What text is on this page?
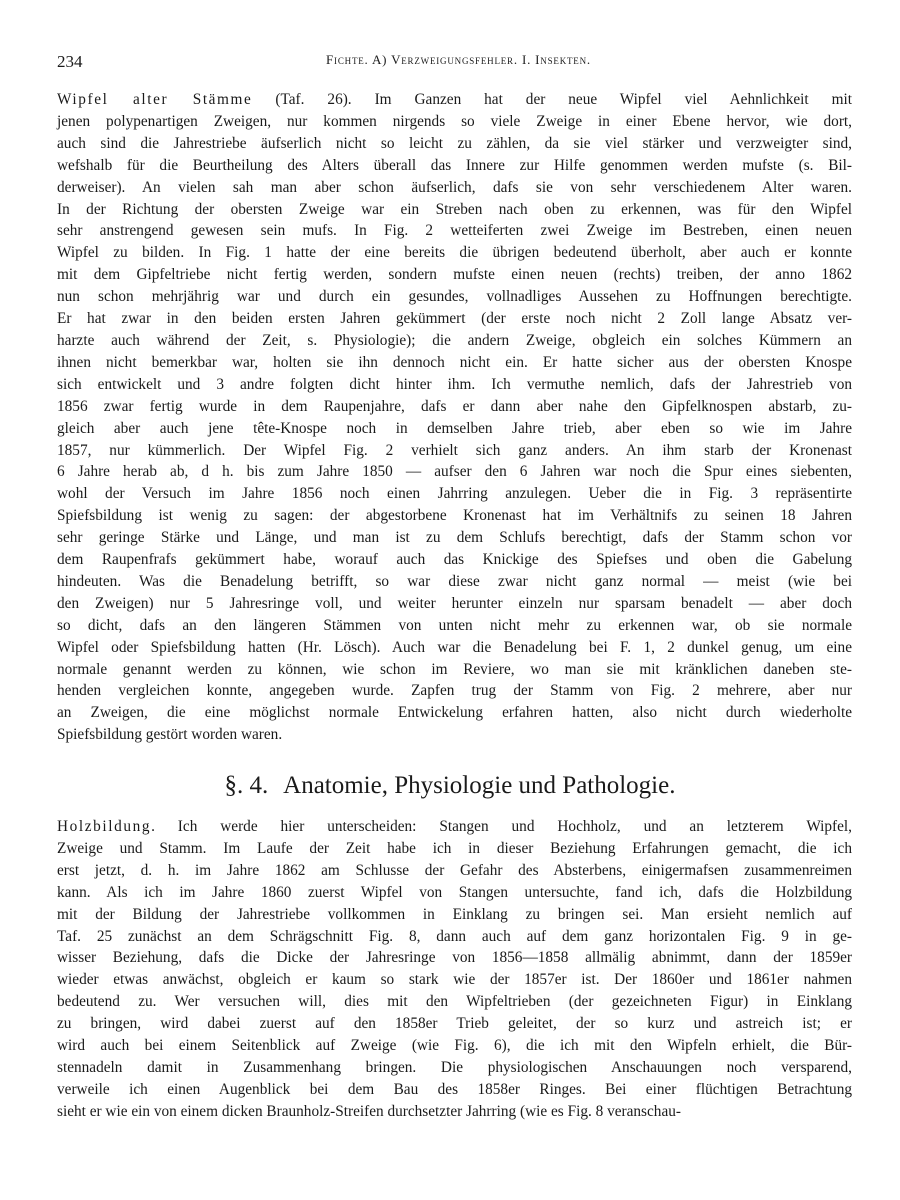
234	Fichte. A) Verzweigungsfehler. I. Insekten.
Wipfel alter Stämme (Taf. 26). Im Ganzen hat der neue Wipfel viel Aehnlichkeit mit
jenen polypenartigen Zweigen, nur kommen nirgends so viele Zweige in einer Ebene hervor, wie dort,
auch sind die Jahrestriebe äufserlich nicht so leicht zu zählen, da sie viel stärker und verzweigter sind,
wefshalb für die Beurtheilung des Alters überall das Innere zur Hilfe genommen werden mufste (s. Bil-
derweiser). An vielen sah man aber schon äufserlich, dafs sie von sehr verschiedenem Alter waren.
In der Richtung der obersten Zweige war ein Streben nach oben zu erkennen, was für den Wipfel
sehr anstrengend gewesen sein mufs. In Fig. 2 wetteiferten zwei Zweige im Bestreben, einen neuen
Wipfel zu bilden. In Fig. 1 hatte der eine bereits die übrigen bedeutend überholt, aber auch er konnte
mit dem Gipfeltriebe nicht fertig werden, sondern mufste einen neuen (rechts) treiben, der anno 1862
nun schon mehrjährig war und durch ein gesundes, vollnadliges Aussehen zu Hoffnungen berechtigte.
Er hat zwar in den beiden ersten Jahren gekümmert (der erste noch nicht 2 Zoll lange Absatz ver-
harzte auch während der Zeit, s. Physiologie); die andern Zweige, obgleich ein solches Kümmern an
ihnen nicht bemerkbar war, holten sie ihn dennoch nicht ein. Er hatte sicher aus der obersten Knospe
sich entwickelt und 3 andre folgten dicht hinter ihm. Ich vermuthe nemlich, dafs der Jahrestrieb von
1856 zwar fertig wurde in dem Raupenjahre, dafs er dann aber nahe den Gipfelknospen abstarb, zu-
gleich aber auch jene tête-Knospe noch in demselben Jahre trieb, aber eben so wie im Jahre
1857, nur kümmerlich. Der Wipfel Fig. 2 verhielt sich ganz anders. An ihm starb der Kronenast
6 Jahre herab ab, d h. bis zum Jahre 1850 — aufser den 6 Jahren war noch die Spur eines siebenten,
wohl der Versuch im Jahre 1856 noch einen Jahrring anzulegen. Ueber die in Fig. 3 repräsentirte
Spiefsbildung ist wenig zu sagen: der abgestorbene Kronenast hat im Verhältnifs zu seinen 18 Jahren
sehr geringe Stärke und Länge, und man ist zu dem Schlufs berechtigt, dafs der Stamm schon vor
dem Raupenfrafs gekümmert habe, worauf auch das Knickige des Spiefses und oben die Gabelung
hindeuten. Was die Benadelung betrifft, so war diese zwar nicht ganz normal — meist (wie bei
den Zweigen) nur 5 Jahresringe voll, und weiter herunter einzeln nur sparsam benadelt — aber doch
so dicht, dafs an den längeren Stämmen von unten nicht mehr zu erkennen war, ob sie normale
Wipfel oder Spiefsbildung hatten (Hr. Lösch). Auch war die Benadelung bei F. 1, 2 dunkel genug, um eine
normale genannt werden zu können, wie schon im Reviere, wo man sie mit kränklichen daneben ste-
henden vergleichen konnte, angegeben wurde. Zapfen trug der Stamm von Fig. 2 mehrere, aber nur
an Zweigen, die eine möglichst normale Entwickelung erfahren hatten, also nicht durch wiederholte
Spiefsbildung gestört worden waren.
§. 4. Anatomie, Physiologie und Pathologie.
Holzbildung. Ich werde hier unterscheiden: Stangen und Hochholz, und an letzterem Wipfel,
Zweige und Stamm. Im Laufe der Zeit habe ich in dieser Beziehung Erfahrungen gemacht, die ich
erst jetzt, d. h. im Jahre 1862 am Schlusse der Gefahr des Absterbens, einigermafsen zusammenreimen
kann. Als ich im Jahre 1860 zuerst Wipfel von Stangen untersuchte, fand ich, dafs die Holzbildung
mit der Bildung der Jahrestriebe vollkommen in Einklang zu bringen sei. Man ersieht nemlich auf
Taf. 25 zunächst an dem Schrägschnitt Fig. 8, dann auch auf dem ganz horizontalen Fig. 9 in ge-
wisser Beziehung, dafs die Dicke der Jahresringe von 1856—1858 allmälig abnimmt, dann der 1859er
wieder etwas anwächst, obgleich er kaum so stark wie der 1857er ist. Der 1860er und 1861er nahmen
bedeutend zu. Wer versuchen will, dies mit den Wipfeltrieben (der gezeichneten Figur) in Einklang
zu bringen, wird dabei zuerst auf den 1858er Trieb geleitet, der so kurz und astreich ist; er
wird auch bei einem Seitenblick auf Zweige (wie Fig. 6), die ich mit den Wipfeln erhielt, die Bür-
stennadeln damit in Zusammenhang bringen. Die physiologischen Anschauungen noch versparend,
verweile ich einen Augenblick bei dem Bau des 1858er Ringes. Bei einer flüchtigen Betrachtung
sieht er wie ein von einem dicken Braunholz-Streifen durchsetzter Jahrring (wie es Fig. 8 veranschau-
